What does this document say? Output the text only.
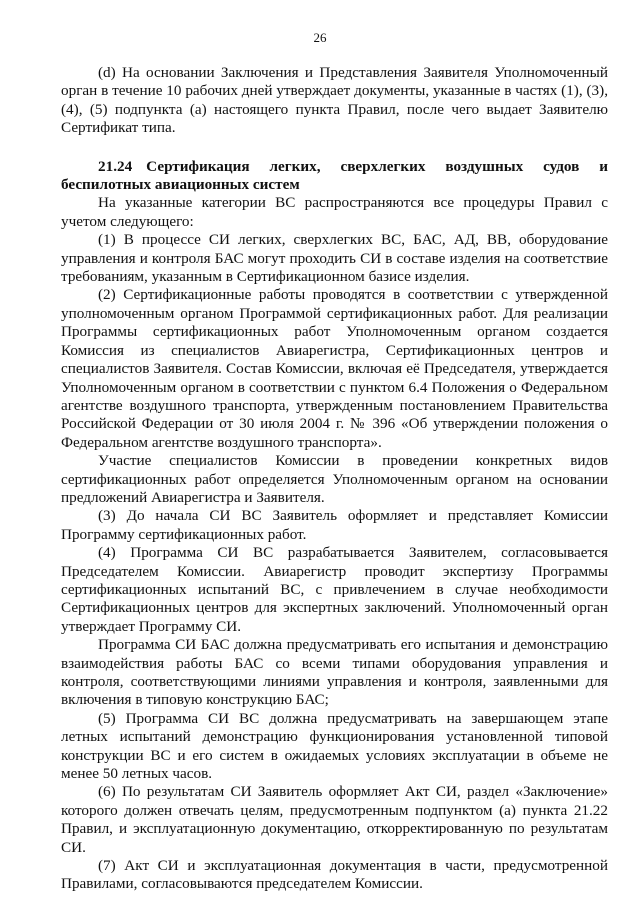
26

(d) На основании Заключения и Представления Заявителя Уполномоченный орган в течение 10 рабочих дней утверждает документы, указанные в частях (1), (3), (4), (5) подпункта (а) настоящего пункта Правил, после чего выдает Заявителю Сертификат типа.

21.24 Сертификация легких, сверхлегких воздушных судов и беспилотных авиационных систем

На указанные категории ВС распространяются все процедуры Правил с учетом следующего:

(1) В процессе СИ легких, сверхлегких ВС, БАС, АД, ВВ, оборудование управления и контроля БАС могут проходить СИ в составе изделия на соответствие требованиям, указанным в Сертификационном базисе изделия.

(2) Сертификационные работы проводятся в соответствии с утвержденной уполномоченным органом Программой сертификационных работ. Для реализации Программы сертификационных работ Уполномоченным органом создается Комиссия из специалистов Авиарегистра, Сертификационных центров и специалистов Заявителя. Состав Комиссии, включая её Председателя, утверждается Уполномоченным органом в соответствии с пунктом 6.4 Положения о Федеральном агентстве воздушного транспорта, утвержденным постановлением Правительства Российской Федерации от 30 июля 2004 г. № 396 «Об утверждении положения о Федеральном агентстве воздушного транспорта».

Участие специалистов Комиссии в проведении конкретных видов сертификационных работ определяется Уполномоченным органом на основании предложений Авиарегистра и Заявителя.

(3) До начала СИ ВС Заявитель оформляет и представляет Комиссии Программу сертификационных работ.

(4) Программа СИ ВС разрабатывается Заявителем, согласовывается Председателем Комиссии. Авиарегистр проводит экспертизу Программы сертификационных испытаний ВС, с привлечением в случае необходимости Сертификационных центров для экспертных заключений. Уполномоченный орган утверждает Программу СИ.

Программа СИ БАС должна предусматривать его испытания и демонстрацию взаимодействия работы БАС со всеми типами оборудования управления и контроля, соответствующими линиями управления и контроля, заявленными для включения в типовую конструкцию БАС;

(5) Программа СИ ВС должна предусматривать на завершающем этапе летных испытаний демонстрацию функционирования установленной типовой конструкции ВС и его систем в ожидаемых условиях эксплуатации в объеме не менее 50 летных часов.

(6) По результатам СИ Заявитель оформляет Акт СИ, раздел «Заключение» которого должен отвечать целям, предусмотренным подпунктом (а) пункта 21.22 Правил, и эксплуатационную документацию, откорректированную по результатам СИ.

(7) Акт СИ и эксплуатационная документация в части, предусмотренной Правилами, согласовываются председателем Комиссии.
